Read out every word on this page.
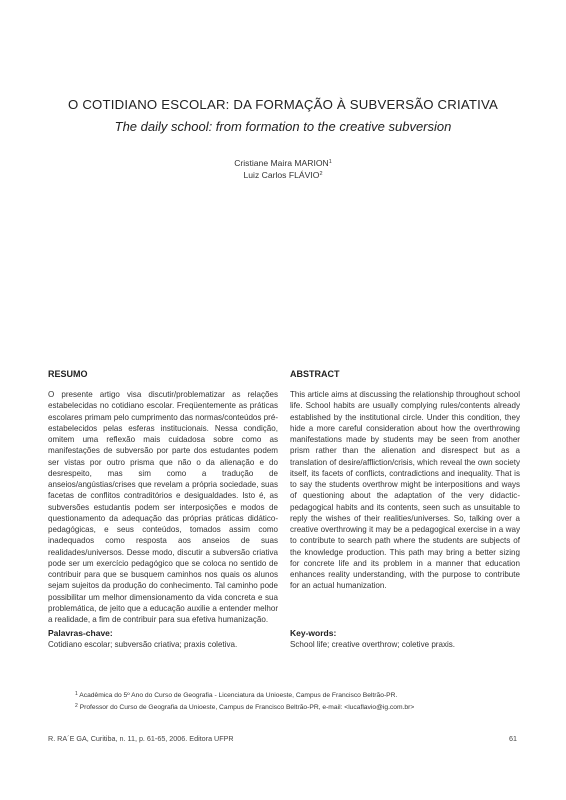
O COTIDIANO ESCOLAR: DA FORMAÇÃO À SUBVERSÃO CRIATIVA
The daily school: from formation to the creative subversion
Cristiane Maira MARION$^1$
Luiz Carlos FLÁVIO$^2$

RESUMO

O presente artigo visa discutir/problematizar as relações estabelecidas no cotidiano escolar. Freqüentemente as práticas escolares primam pelo cumprimento das normas/conteúdos pré-estabelecidos pelas esferas institucionais. Nessa condição, omitem uma reflexão mais cuidadosa sobre como as manifestações de subversão por parte dos estudantes podem ser vistas por outro prisma que não o da alienação e do desrespeito, mas sim como a tradução de anseios/angústias/crises que revelam a própria sociedade, suas facetas de conflitos contraditórios e desigualdades. Isto é, as subversões estudantis podem ser interposições e modos de questionamento da adequação das próprias práticas didático-pedagógicas, e seus conteúdos, tomados assim como inadequados como resposta aos anseios de suas realidades/universos. Desse modo, discutir a subversão criativa pode ser um exercício pedagógico que se coloca no sentido de contribuir para que se busquem caminhos nos quais os alunos sejam sujeitos da produção do conhecimento. Tal caminho pode possibilitar um melhor dimensionamento da vida concreta e sua problemática, de jeito que a educação auxilie a entender melhor a realidade, a fim de contribuir para sua efetiva humanização.

ABSTRACT

This article aims at discussing the relationship throughout school life. School habits are usually complying rules/contents already established by the institutional circle. Under this condition, they hide a more careful consideration about how the overthrowing manifestations made by students may be seen from another prism rather than the alienation and disrespect but as a translation of desire/affliction/crisis, which reveal the own society itself, its facets of conflicts, contradictions and inequality. That is to say the students overthrow might be interpositions and ways of questioning about the adaptation of the very didactic-pedagogical habits and its contents, seen such as unsuitable to reply the wishes of their realities/universes. So, talking over a creative overthrowing it may be a pedagogical exercise in a way to contribute to search path where the students are subjects of the knowledge production. This path may bring a better sizing for concrete life and its problem in a manner that education enhances reality understanding, with the purpose to contribute for an actual humanization.

Palavras-chave:

Cotidiano escolar; subversão criativa; praxis coletiva.

Key-words:

School life; creative overthrow; coletive praxis.

$^1$ Acadêmica do 5º Ano do Curso de Geografia - Licenciatura da Unioeste, Campus de Francisco Beltrão-PR.
$^2$ Professor do Curso de Geografia da Unioeste, Campus de Francisco Beltrão-PR, e-mail: <lucaflavio@ig.com.br>
R. RA´E GA, Curitiba, n. 11, p. 61-65, 2006. Editora UFPR	61
